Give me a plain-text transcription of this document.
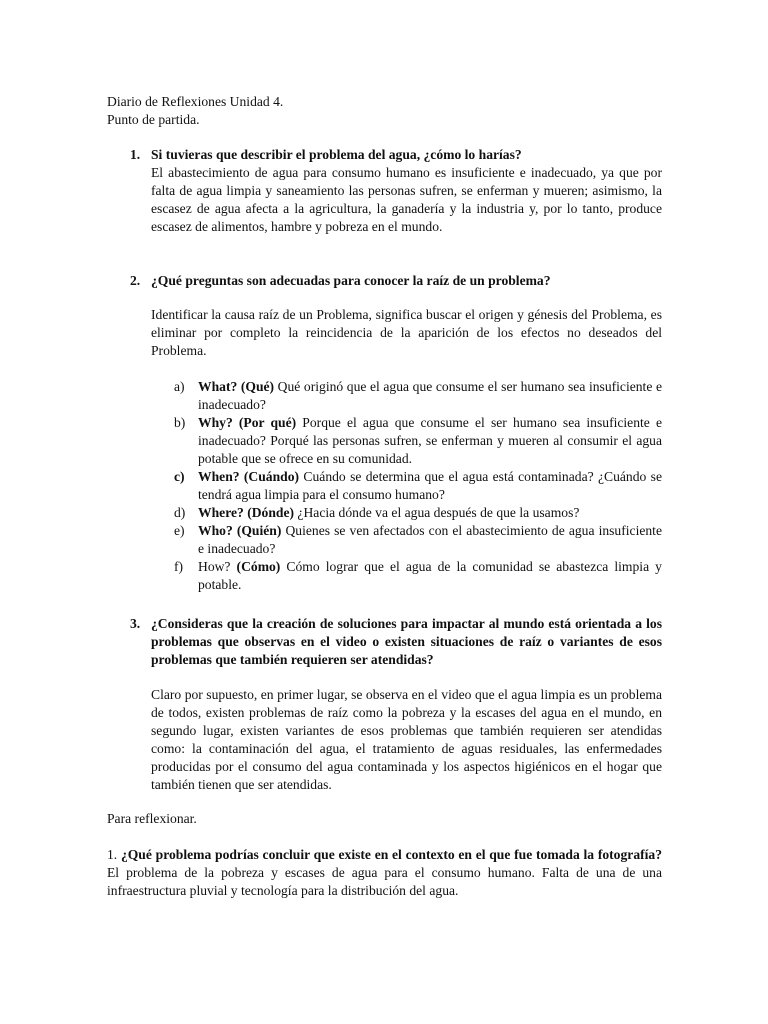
Diario de Reflexiones Unidad 4.

Punto de partida.

1. Si tuvieras que describir el problema del agua, ¿cómo lo harías?

El abastecimiento de agua para consumo humano es insuficiente e inadecuado, ya que por falta de agua limpia y saneamiento las personas sufren, se enferman y mueren; asimismo, la escasez de agua afecta a la agricultura, la ganadería y la industria y, por lo tanto, produce escasez de alimentos, hambre y pobreza en el mundo.

2. ¿Qué preguntas son adecuadas para conocer la raíz de un problema?

Identificar la causa raíz de un Problema, significa buscar el origen y génesis del Problema, es eliminar por completo la reincidencia de la aparición de los efectos no deseados del Problema.

a) What? (Qué) Qué originó que el agua que consume el ser humano sea insuficiente e inadecuado?

b) Why? (Por qué) Porque el agua que consume el ser humano sea insuficiente e inadecuado? Porqué las personas sufren, se enferman y mueren al consumir el agua potable que se ofrece en su comunidad.

c) When? (Cuándo) Cuándo se determina que el agua está contaminada? ¿Cuándo se tendrá agua limpia para el consumo humano?

d) Where? (Dónde) ¿Hacia dónde va el agua después de que la usamos?

e) Who? (Quién) Quienes se ven afectados con el abastecimiento de agua insuficiente e inadecuado?

f) How? (Cómo) Cómo lograr que el agua de la comunidad se abastezca limpia y potable.

3. ¿Consideras que la creación de soluciones para impactar al mundo está orientada a los problemas que observas en el video o existen situaciones de raíz o variantes de esos problemas que también requieren ser atendidas?

Claro por supuesto, en primer lugar, se observa en el video que el agua limpia es un problema de todos, existen problemas de raíz como la pobreza y la escases del agua en el mundo, en segundo lugar, existen variantes de esos problemas que también requieren ser atendidas como: la contaminación del agua, el tratamiento de aguas residuales, las enfermedades producidas por el consumo del agua contaminada y los aspectos higiénicos en el hogar que también tienen que ser atendidas.

Para reflexionar.

1. ¿Qué problema podrías concluir que existe en el contexto en el que fue tomada la fotografía? El problema de la pobreza y escases de agua para el consumo humano. Falta de una de una infraestructura pluvial y tecnología para la distribución del agua.
